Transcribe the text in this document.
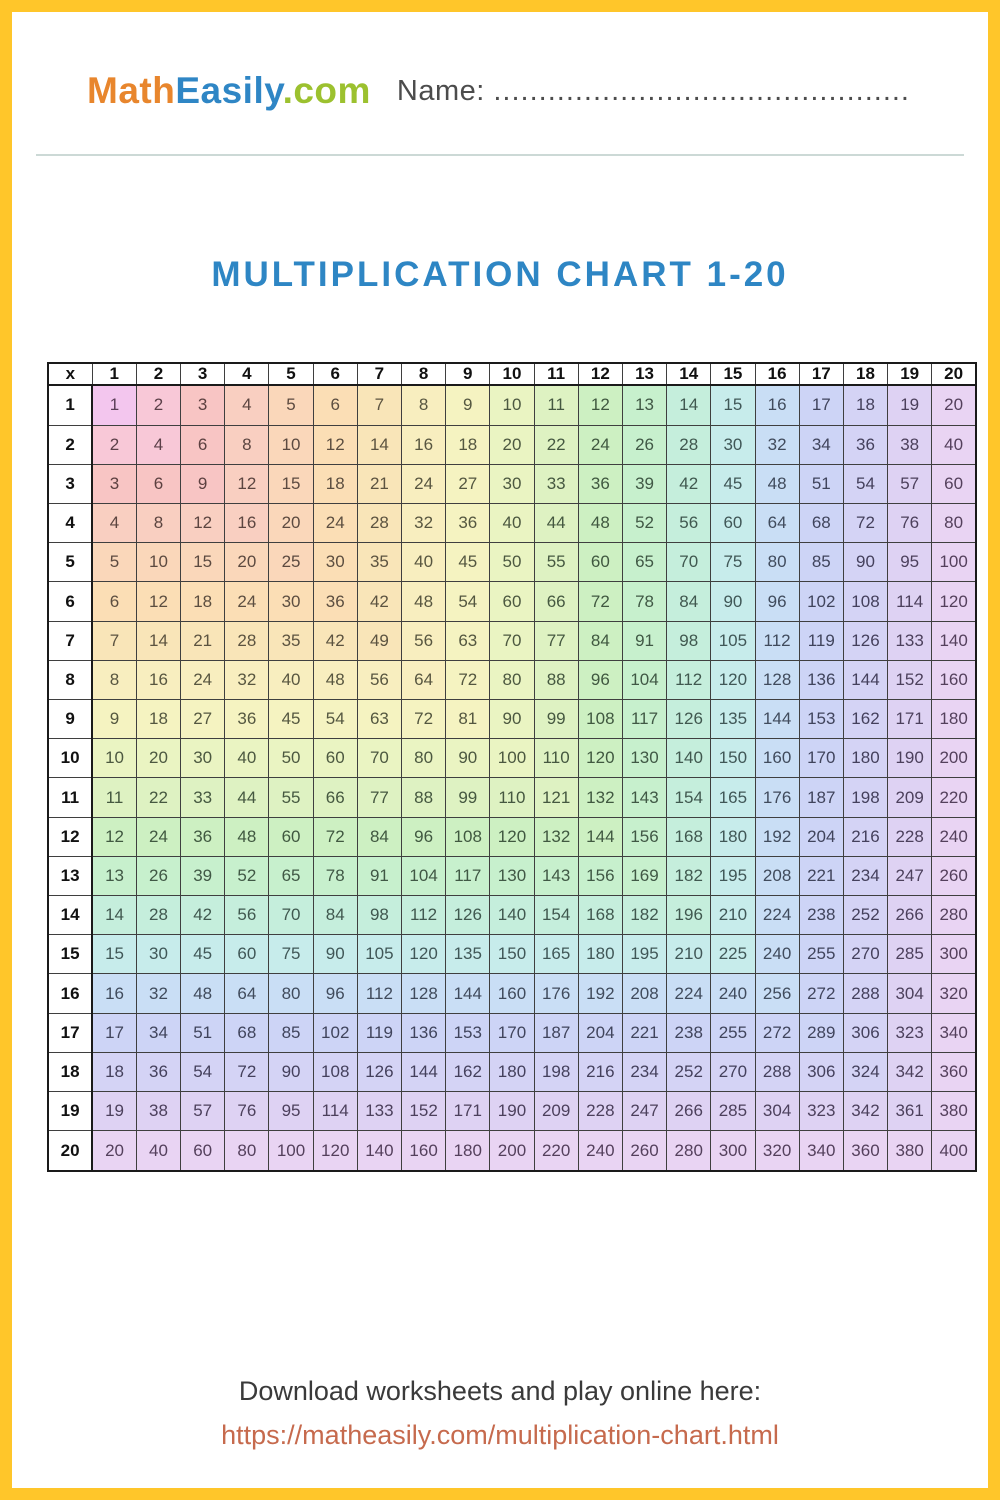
MathEasily.com Name: ..............................................
MULTIPLICATION CHART 1-20
x	1	2	3	4	5	6	7	8	9	10	11	12	13	14	15	16	17	18	19	20
1	1	2	3	4	5	6	7	8	9	10	11	12	13	14	15	16	17	18	19	20
2	2	4	6	8	10	12	14	16	18	20	22	24	26	28	30	32	34	36	38	40
3	3	6	9	12	15	18	21	24	27	30	33	36	39	42	45	48	51	54	57	60
4	4	8	12	16	20	24	28	32	36	40	44	48	52	56	60	64	68	72	76	80
5	5	10	15	20	25	30	35	40	45	50	55	60	65	70	75	80	85	90	95	100
6	6	12	18	24	30	36	42	48	54	60	66	72	78	84	90	96	102	108	114	120
7	7	14	21	28	35	42	49	56	63	70	77	84	91	98	105	112	119	126	133	140
8	8	16	24	32	40	48	56	64	72	80	88	96	104	112	120	128	136	144	152	160
9	9	18	27	36	45	54	63	72	81	90	99	108	117	126	135	144	153	162	171	180
10	10	20	30	40	50	60	70	80	90	100	110	120	130	140	150	160	170	180	190	200
11	11	22	33	44	55	66	77	88	99	110	121	132	143	154	165	176	187	198	209	220
12	12	24	36	48	60	72	84	96	108	120	132	144	156	168	180	192	204	216	228	240
13	13	26	39	52	65	78	91	104	117	130	143	156	169	182	195	208	221	234	247	260
14	14	28	42	56	70	84	98	112	126	140	154	168	182	196	210	224	238	252	266	280
15	15	30	45	60	75	90	105	120	135	150	165	180	195	210	225	240	255	270	285	300
16	16	32	48	64	80	96	112	128	144	160	176	192	208	224	240	256	272	288	304	320
17	17	34	51	68	85	102	119	136	153	170	187	204	221	238	255	272	289	306	323	340
18	18	36	54	72	90	108	126	144	162	180	198	216	234	252	270	288	306	324	342	360
19	19	38	57	76	95	114	133	152	171	190	209	228	247	266	285	304	323	342	361	380
20	20	40	60	80	100	120	140	160	180	200	220	240	260	280	300	320	340	360	380	400
Download worksheets and play online here:
https://matheasily.com/multiplication-chart.html
